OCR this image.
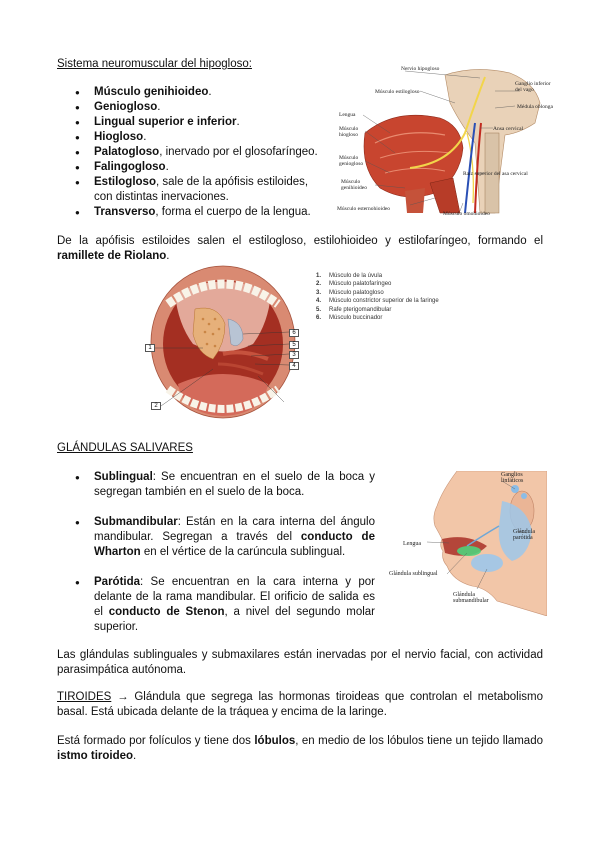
Sistema neuromuscular del hipogloso:
● Músculo genihioideo.
● Geniogloso.
● Lingual superior e inferior.
● Hiogloso.
● Palatogloso, inervado por el glosofaríngeo.
● Falingogloso.
● Estilogloso, sale de la apófisis estiloides, con distintas inervaciones.
● Transverso, forma el cuerpo de la lengua.
Nervio hipogloso
Músculo estilogloso
Lengua
Músculo hiogloso
Músculo geniogloso
Músculo genihioideo
Músculo esternohioideo
Músculo omohioideo
Ganglio inferior del vago
Médula oblonga
Ansa cervical
Raíz superior del asa cervical
De la apófisis estiloides salen el estilogloso, estilohioideo y estilofaríngeo, formando el ramillete de Riolano.
1
2
6
5
3
4
1. Músculo de la úvula
2. Músculo palatofaríngeo
3. Músculo palatogloso
4. Músculo constrictor superior de la faringe
5. Rafe pterigomandibular
6. Músculo buccinador
GLÁNDULAS SALIVARES
● Sublingual: Se encuentran en el suelo de la boca y segregan también en el suelo de la boca.
● Submandibular: Están en la cara interna del ángulo mandibular. Segregan a través del conducto de Wharton en el vértice de la carúncula sublingual.
● Parótida: Se encuentran en la cara interna y por delante de la rama mandibular. El orificio de salida es el conducto de Stenon, a nivel del segundo molar superior.
Ganglios linfáticos
Glándula parótida
Lengua
Glándula sublingual
Glándula submandibular
Las glándulas sublinguales y submaxilares están inervadas por el nervio facial, con actividad parasimpática autónoma.
TIROIDES → Glándula que segrega las hormonas tiroideas que controlan el metabolismo basal. Está ubicada delante de la tráquea y encima de la laringe.
Está formado por folículos y tiene dos lóbulos, en medio de los lóbulos tiene un tejido llamado istmo tiroideo.
